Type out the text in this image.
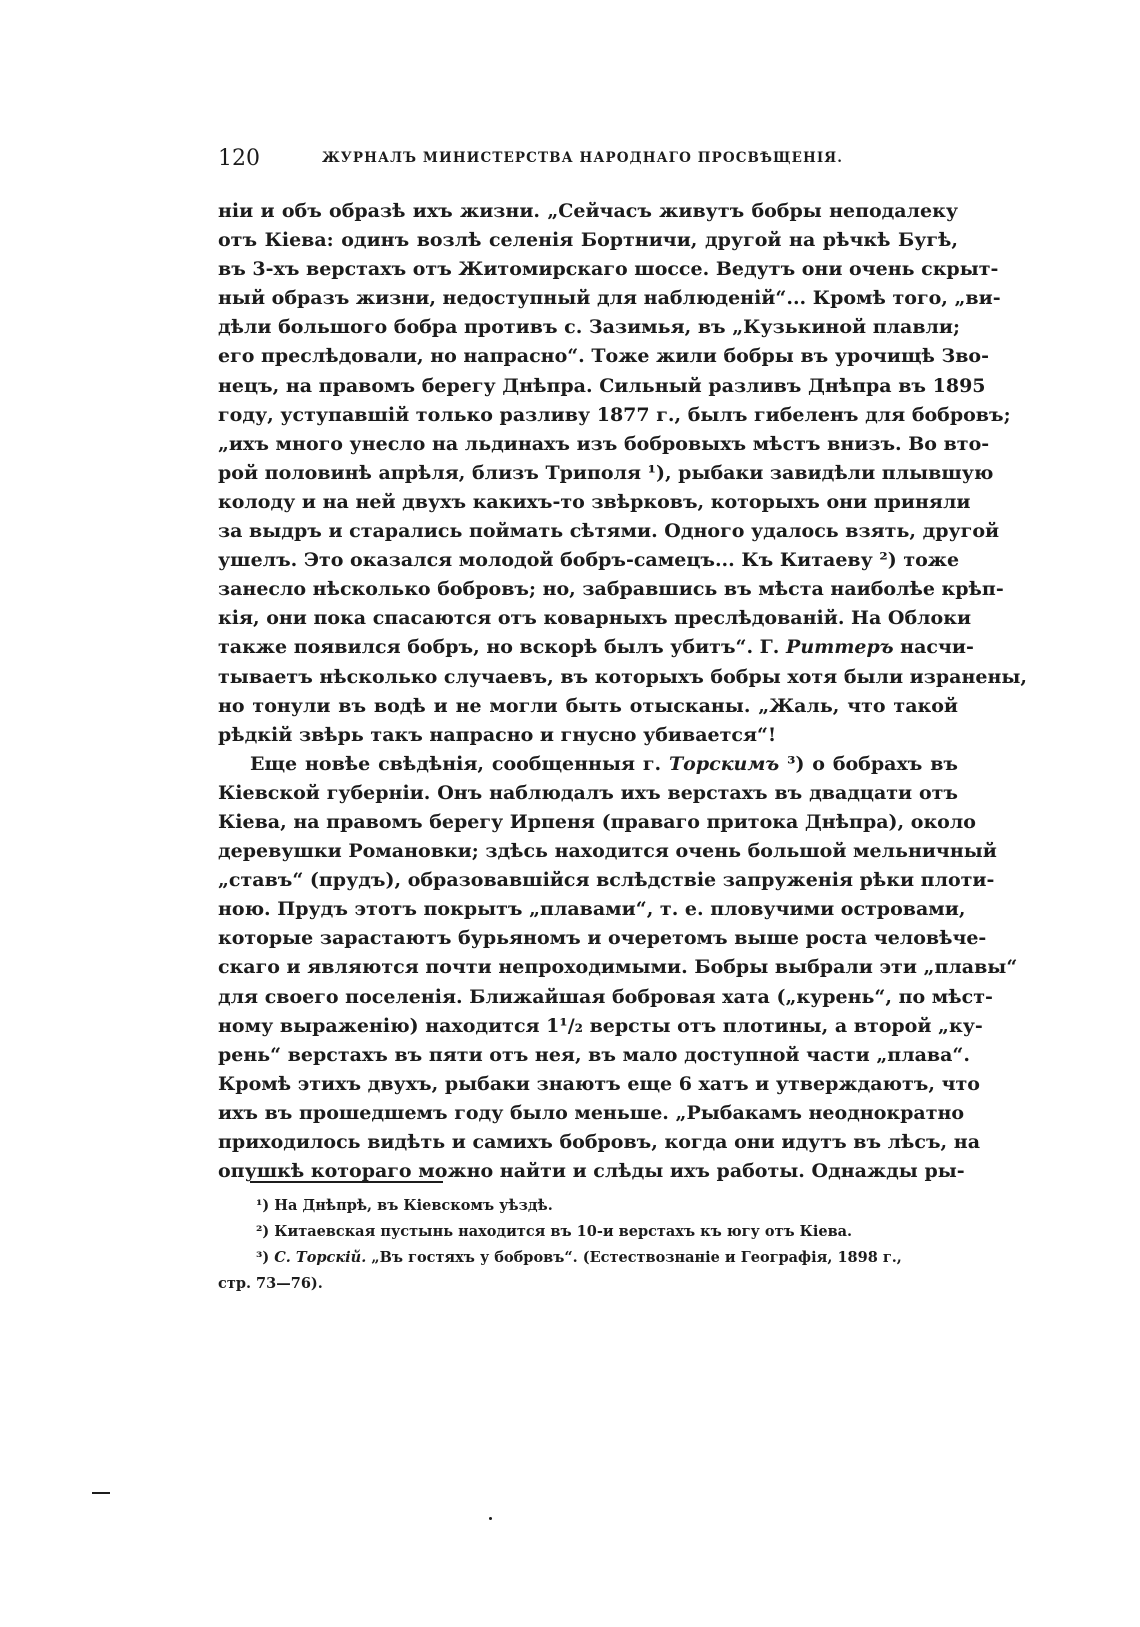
120	ЖУРНАЛЪ МИНИСТЕРСТВА НАРОДНАГО ПРОСВѢЩЕНІЯ.
нiи и объ образѣ ихъ жизни. „Сейчасъ живутъ бобры неподалеку
отъ Кіева: одинъ возлѣ селенія Бортничи, другой на рѣчкѣ Бугѣ,
въ 3-хъ верстахъ отъ Житомирскаго шоссе. Ведутъ они очень скрыт-
ный образъ жизни, недоступный для наблюденій“... Кромѣ того, „ви-
дѣли большого бобра противъ с. Зазимья, въ „Кузькиной плавли;
его преслѣдовали, но напрасно“. Тоже жили бобры въ урочищѣ Зво-
нецъ, на правомъ берегу Днѣпра. Сильный разливъ Днѣпра въ 1895
году, уступавшій только разливу 1877 г., былъ гибеленъ для бобровъ;
„ихъ много унесло на льдинахъ изъ бобровыхъ мѣстъ внизъ. Во вто-
рой половинѣ апрѣля, близъ Триполя ¹), рыбаки завидѣли плывшую
колоду и на ней двухъ какихъ-то звѣрковъ, которыхъ они приняли
за выдръ и старались поймать сѣтями. Одного удалось взять, другой
ушелъ. Это оказался молодой бобръ-самецъ... Къ Китаеву ²) тоже
занесло нѣсколько бобровъ; но, забравшись въ мѣста наиболѣе крѣп-
кія, они пока спасаются отъ коварныхъ преслѣдованій. На Облоки
также появился бобръ, но вскорѣ былъ убитъ“. Г. Риттеръ насчи-
тываетъ нѣсколько случаевъ, въ которыхъ бобры хотя были изранены,
но тонули въ водѣ и не могли быть отысканы. „Жаль, что такой
рѣдкій звѣрь такъ напрасно и гнусно убивается“!
Еще новѣе свѣдѣнія, сообщенныя г. Торскимъ ³) о бобрахъ въ
Кіевской губерніи. Онъ наблюдалъ ихъ верстахъ въ двадцати отъ
Кіева, на правомъ берегу Ирпеня (праваго притока Днѣпра), около
деревушки Романовки; здѣсь находится очень большой мельничный
„ставъ“ (прудъ), образовавшійся вслѣдствіе запруженія рѣки плоти-
ною. Прудъ этотъ покрытъ „плавами“, т. е. пловучими островами,
которые зарастаютъ бурьяномъ и очеретомъ выше роста человѣче-
скаго и являются почти непроходимыми. Бобры выбрали эти „плавы“
для своего поселенія. Ближайшая бобровая хата („курень“, по мѣст-
ному выраженію) находится 1¹/₂ версты отъ плотины, а второй „ку-
рень“ верстахъ въ пяти отъ нея, въ мало доступной части „плава“.
Кромѣ этихъ двухъ, рыбаки знаютъ еще 6 хатъ и утверждаютъ, что
ихъ въ прошедшемъ году было меньше. „Рыбакамъ неоднократно
приходилось видѣть и самихъ бобровъ, когда они идутъ въ лѣсъ, на
опушкѣ котораго можно найти и слѣды ихъ работы. Однажды ры-
¹) На Днѣпрѣ, въ Кіевскомъ уѣздѣ.
²) Китаевская пустынь находится въ 10-и верстахъ къ югу отъ Кіева.
³) С. Торскій. „Въ гостяхъ у бобровъ“. (Естествознаніе и Географія, 1898 г.,
стр. 73—76).
